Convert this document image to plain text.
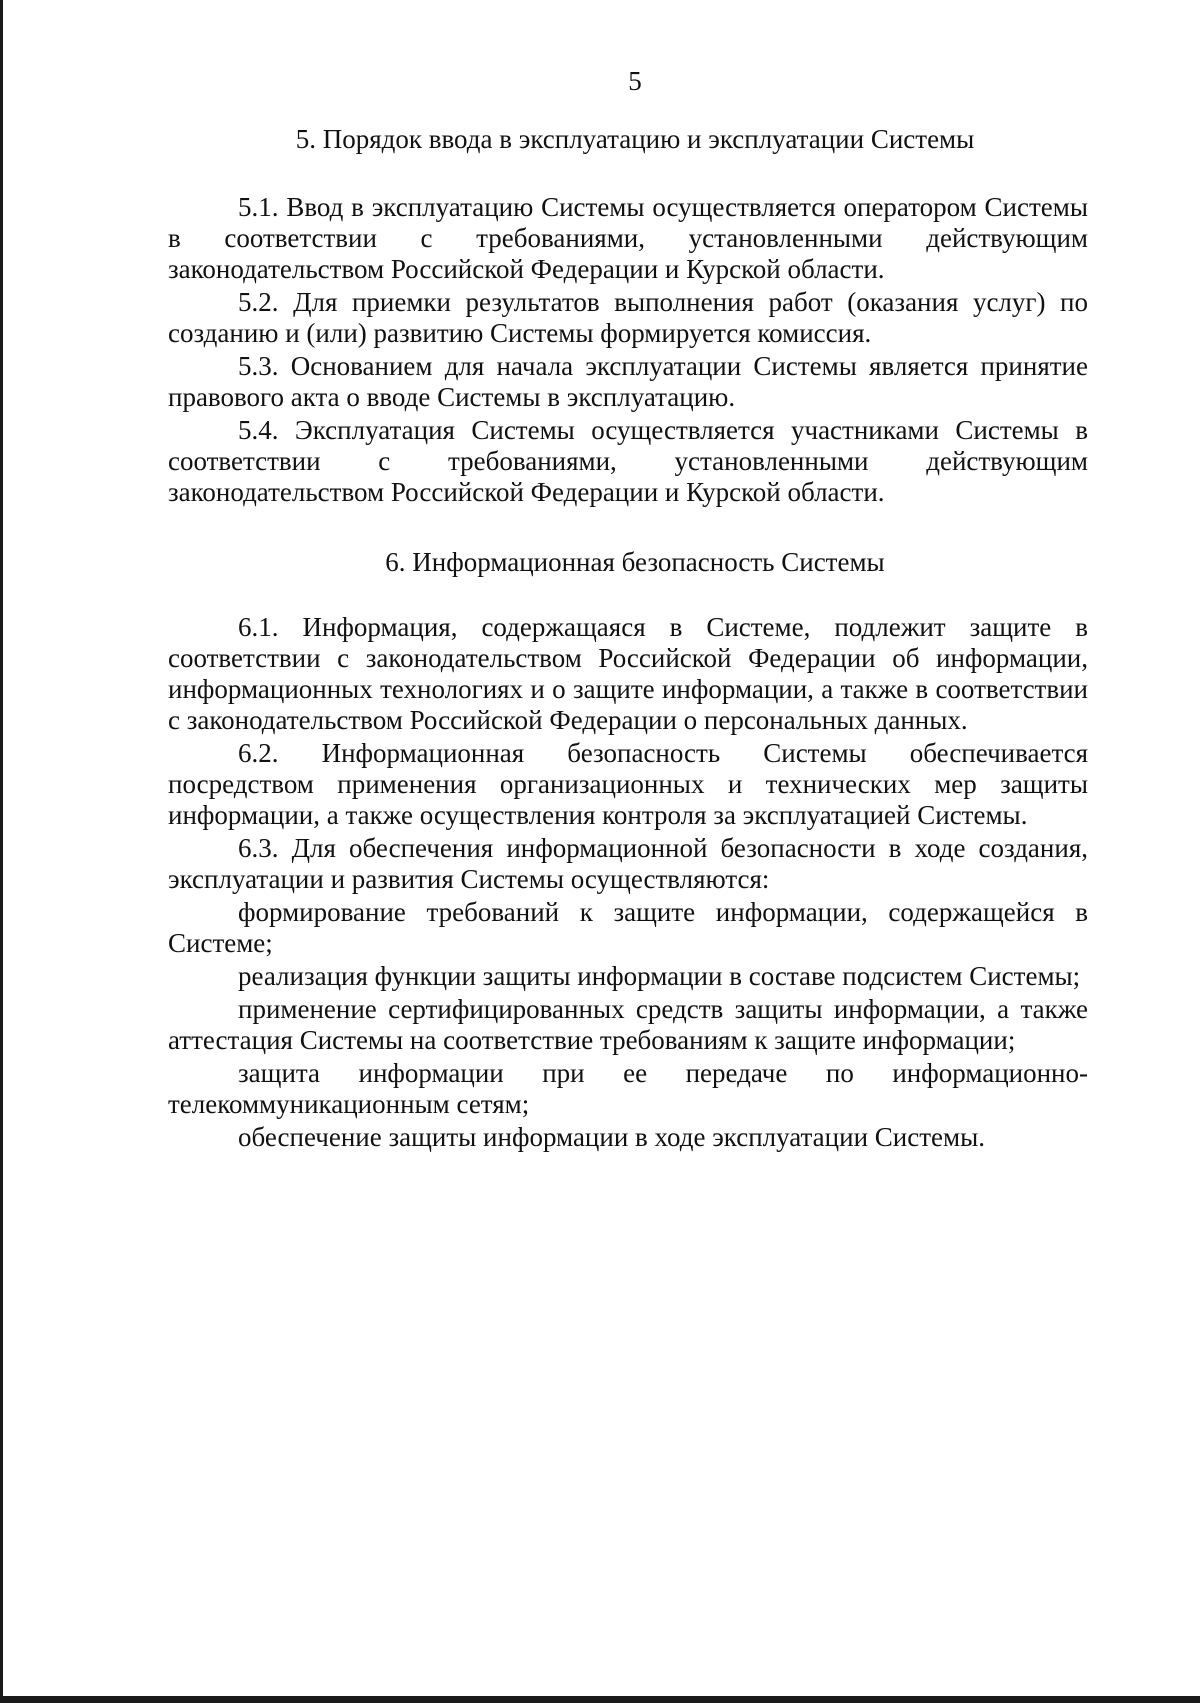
5
5. Порядок ввода в эксплуатацию и эксплуатации Системы

5.1. Ввод в эксплуатацию Системы осуществляется оператором Системы в соответствии с требованиями, установленными действующим законодательством Российской Федерации и Курской области.

5.2. Для приемки результатов выполнения работ (оказания услуг) по созданию и (или) развитию Системы формируется комиссия.

5.3. Основанием для начала эксплуатации Системы является принятие правового акта о вводе Системы в эксплуатацию.

5.4. Эксплуатация Системы осуществляется участниками Системы в соответствии с требованиями, установленными действующим законодательством Российской Федерации и Курской области.

6. Информационная безопасность Системы

6.1. Информация, содержащаяся в Системе, подлежит защите в соответствии с законодательством Российской Федерации об информации, информационных технологиях и о защите информации, а также в соответствии с законодательством Российской Федерации о персональных данных.

6.2. Информационная безопасность Системы обеспечивается посредством применения организационных и технических мер защиты информации, а также осуществления контроля за эксплуатацией Системы.

6.3. Для обеспечения информационной безопасности в ходе создания, эксплуатации и развития Системы осуществляются:

формирование требований к защите информации, содержащейся в Системе;

реализация функции защиты информации в составе подсистем Системы;

применение сертифицированных средств защиты информации, а также аттестация Системы на соответствие требованиям к защите информации;

защита информации при ее передаче по информационно-телекоммуникационным сетям;

обеспечение защиты информации в ходе эксплуатации Системы.
